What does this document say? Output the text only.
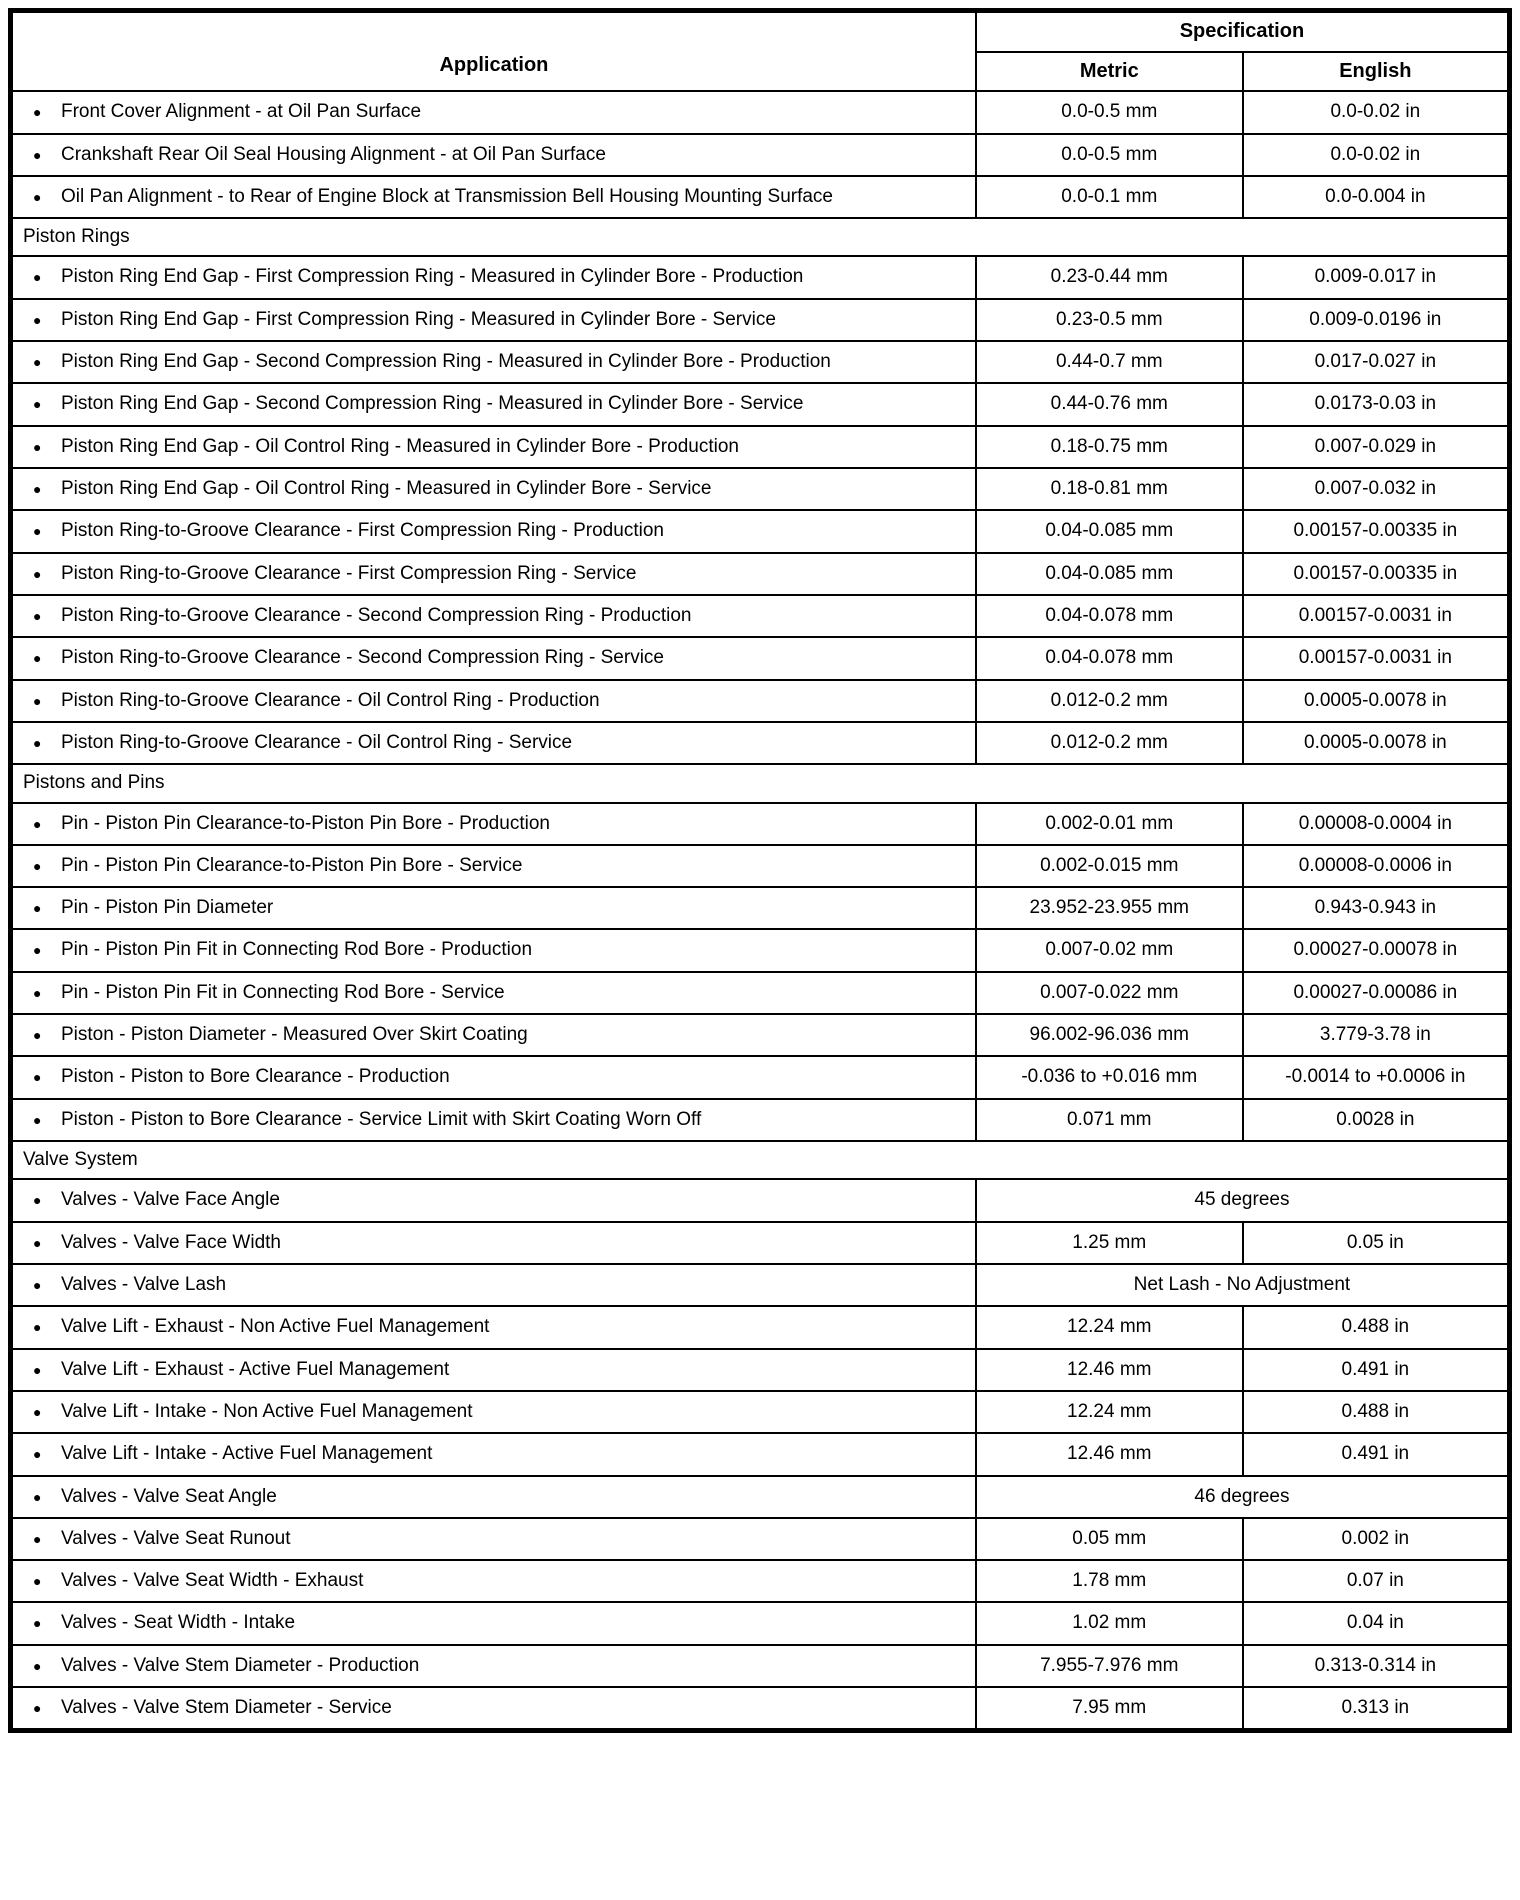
Application	Specification	
	Metric	English

● Front Cover Alignment - at Oil Pan Surface	0.0-0.5 mm	0.0-0.02 in

● Crankshaft Rear Oil Seal Housing Alignment - at Oil Pan Surface	0.0-0.5 mm	0.0-0.02 in

● Oil Pan Alignment - to Rear of Engine Block at Transmission Bell Housing Mounting Surface	0.0-0.1 mm	0.0-0.004 in
Piston Rings		

● Piston Ring End Gap - First Compression Ring - Measured in Cylinder Bore - Production	0.23-0.44 mm	0.009-0.017 in

● Piston Ring End Gap - First Compression Ring - Measured in Cylinder Bore - Service	0.23-0.5 mm	0.009-0.0196 in

● Piston Ring End Gap - Second Compression Ring - Measured in Cylinder Bore - Production	0.44-0.7 mm	0.017-0.027 in

● Piston Ring End Gap - Second Compression Ring - Measured in Cylinder Bore - Service	0.44-0.76 mm	0.0173-0.03 in

● Piston Ring End Gap - Oil Control Ring - Measured in Cylinder Bore - Production	0.18-0.75 mm	0.007-0.029 in

● Piston Ring End Gap - Oil Control Ring - Measured in Cylinder Bore - Service	0.18-0.81 mm	0.007-0.032 in

● Piston Ring-to-Groove Clearance - First Compression Ring - Production	0.04-0.085 mm	0.00157-0.00335 in

● Piston Ring-to-Groove Clearance - First Compression Ring - Service	0.04-0.085 mm	0.00157-0.00335 in

● Piston Ring-to-Groove Clearance - Second Compression Ring - Production	0.04-0.078 mm	0.00157-0.0031 in

● Piston Ring-to-Groove Clearance - Second Compression Ring - Service	0.04-0.078 mm	0.00157-0.0031 in

● Piston Ring-to-Groove Clearance - Oil Control Ring - Production	0.012-0.2 mm	0.0005-0.0078 in

● Piston Ring-to-Groove Clearance - Oil Control Ring - Service	0.012-0.2 mm	0.0005-0.0078 in
Pistons and Pins		

● Pin - Piston Pin Clearance-to-Piston Pin Bore - Production	0.002-0.01 mm	0.00008-0.0004 in

● Pin - Piston Pin Clearance-to-Piston Pin Bore - Service	0.002-0.015 mm	0.00008-0.0006 in

● Pin - Piston Pin Diameter	23.952-23.955 mm	0.943-0.943 in

● Pin - Piston Pin Fit in Connecting Rod Bore - Production	0.007-0.02 mm	0.00027-0.00078 in

● Pin - Piston Pin Fit in Connecting Rod Bore - Service	0.007-0.022 mm	0.00027-0.00086 in

● Piston - Piston Diameter - Measured Over Skirt Coating	96.002-96.036 mm	3.779-3.78 in

● Piston - Piston to Bore Clearance - Production	-0.036 to +0.016 mm	-0.0014 to +0.0006 in

● Piston - Piston to Bore Clearance - Service Limit with Skirt Coating Worn Off	0.071 mm	0.0028 in
Valve System		

● Valves - Valve Face Angle	45 degrees	

● Valves - Valve Face Width	1.25 mm	0.05 in

● Valves - Valve Lash	Net Lash - No Adjustment	

● Valve Lift - Exhaust - Non Active Fuel Management	12.24 mm	0.488 in

● Valve Lift - Exhaust - Active Fuel Management	12.46 mm	0.491 in

● Valve Lift - Intake - Non Active Fuel Management	12.24 mm	0.488 in

● Valve Lift - Intake - Active Fuel Management	12.46 mm	0.491 in

● Valves - Valve Seat Angle	46 degrees	

● Valves - Valve Seat Runout	0.05 mm	0.002 in

● Valves - Valve Seat Width - Exhaust	1.78 mm	0.07 in

● Valves - Seat Width - Intake	1.02 mm	0.04 in

● Valves - Valve Stem Diameter - Production	7.955-7.976 mm	0.313-0.314 in

● Valves - Valve Stem Diameter - Service	7.95 mm	0.313 in
